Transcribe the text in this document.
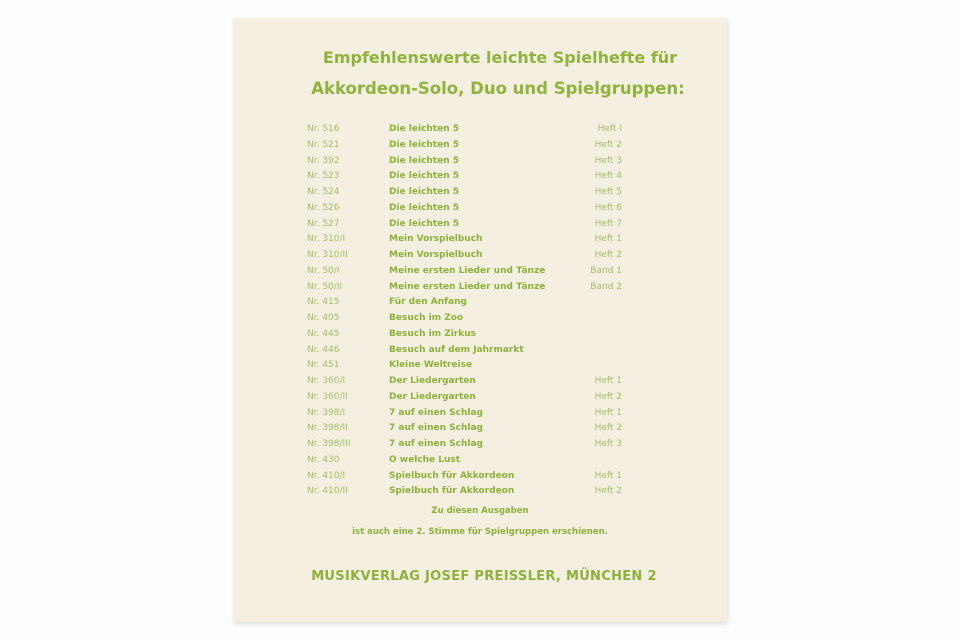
Empfehlenswerte leichte Spielhefte für
Akkordeon-Solo, Duo und Spielgruppen:
Nr. 516	Die leichten 5	Heft I
Nr. 521	Die leichten 5	Heft 2
Nr. 392	Die leichten 5	Heft 3
Nr. 523	Die leichten 5	Heft 4
Nr. 524	Die leichten 5	Heft 5
Nr. 526	Die leichten 5	Heft 6
Nr. 527	Die leichten 5	Heft 7
Nr. 310/I	Mein Vorspielbuch	Heft 1
Nr. 310/II	Mein Vorspielbuch	Heft 2
Nr. 50/I	Meine ersten Lieder und Tänze	Band 1
Nr. 50/II	Meine ersten Lieder und Tänze	Band 2
Nr. 415	Für den Anfang
Nr. 405	Besuch im Zoo
Nr. 445	Besuch im Zirkus
Nr. 446	Besuch auf dem Jahrmarkt
Nr. 451	Kleine Weltreise
Nr. 360/I	Der Liedergarten	Heft 1
Nr. 360/II	Der Liedergarten	Heft 2
Nr. 398/I	7 auf einen Schlag	Heft 1
Nr. 398/II	7 auf einen Schlag	Heft 2
Nr. 398/III	7 auf einen Schlag	Heft 3
Nr. 430	O welche Lust
Nr. 410/I	Spielbuch für Akkordeon	Heft 1
Nr. 410/II	Spielbuch für Akkordeon	Heft 2
Zu diesen Ausgaben
ist auch eine 2. Stimme für Spielgruppen erschienen.
MUSIKVERLAG JOSEF PREISSLER, MÜNCHEN 2
